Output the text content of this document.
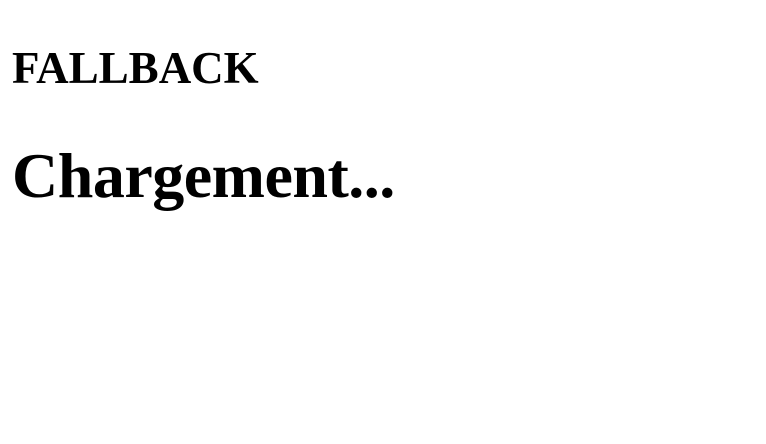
FALLBACK
Chargement...
